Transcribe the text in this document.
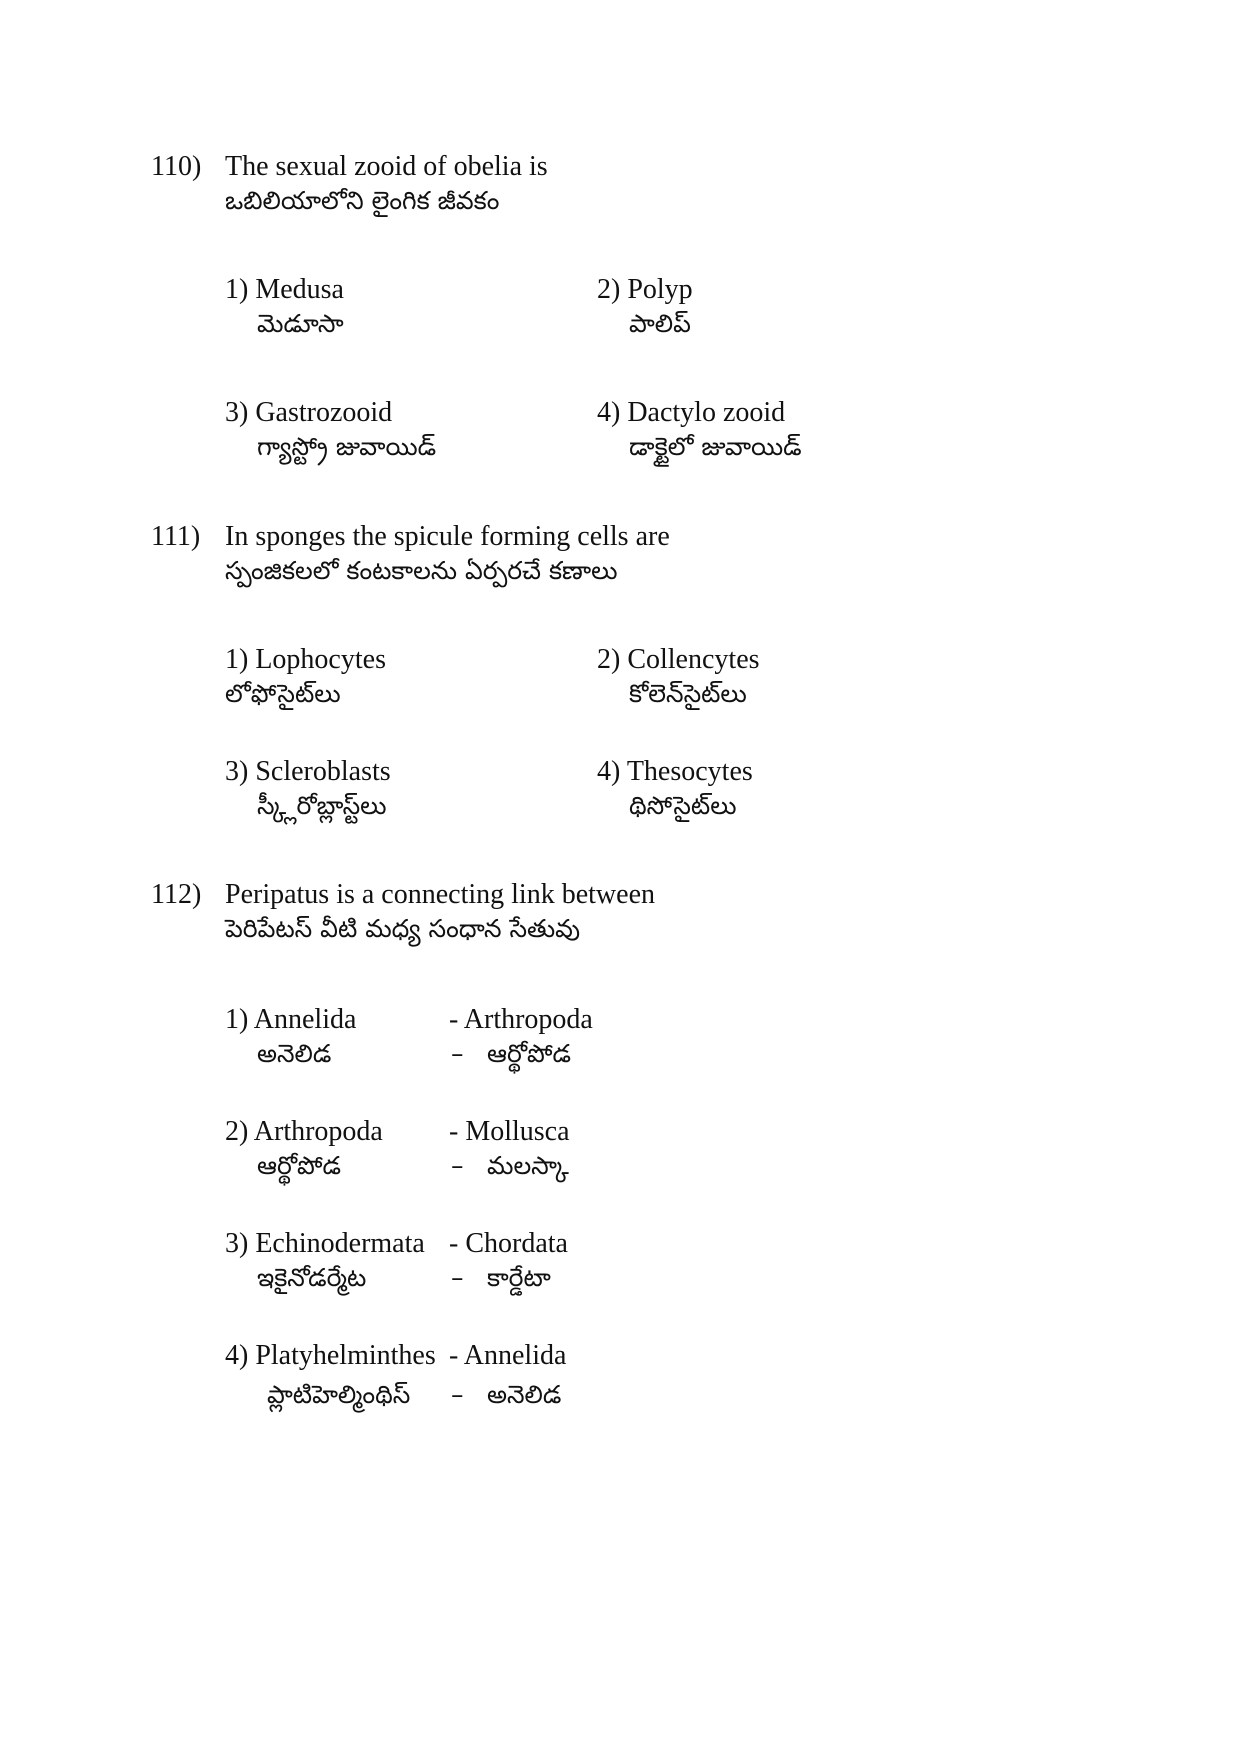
110) The sexual zooid of obelia is
ఒబిలియాలోని లైంగిక జీవకం
1) Medusa
మెడూసా
2) Polyp
పాలిప్
3) Gastrozooid
గ్యాస్ట్రో జువాయిడ్
4) Dactylo zooid
డాక్టైలో జువాయిడ్
111) In sponges the spicule forming cells are
స్పంజికలలో కంటకాలను ఏర్పరచే కణాలు
1) Lophocytes
లోఫోసైట్‌లు
2) Collencytes
కోలెన్‌సైట్‌లు
3) Scleroblasts
స్క్లీరోబ్లాస్ట్‌లు
4) Thesocytes
థిసోసైట్‌లు
112) Peripatus is a connecting link between
పెరిపేటస్ వీటి మధ్య సంధాన సేతువు
1) Annelida	- Arthropoda
అనెలిడ	– ఆర్థోపోడ
2) Arthropoda - Mollusca
ఆర్థోపోడ	– మలస్కా
3) Echinodermata - Chordata
ఇకైనోడర్మేట	– కార్డేటా
4) Platyhelminthes - Annelida
ప్లాటిహెల్మింథిస్ – అనెలిడ
